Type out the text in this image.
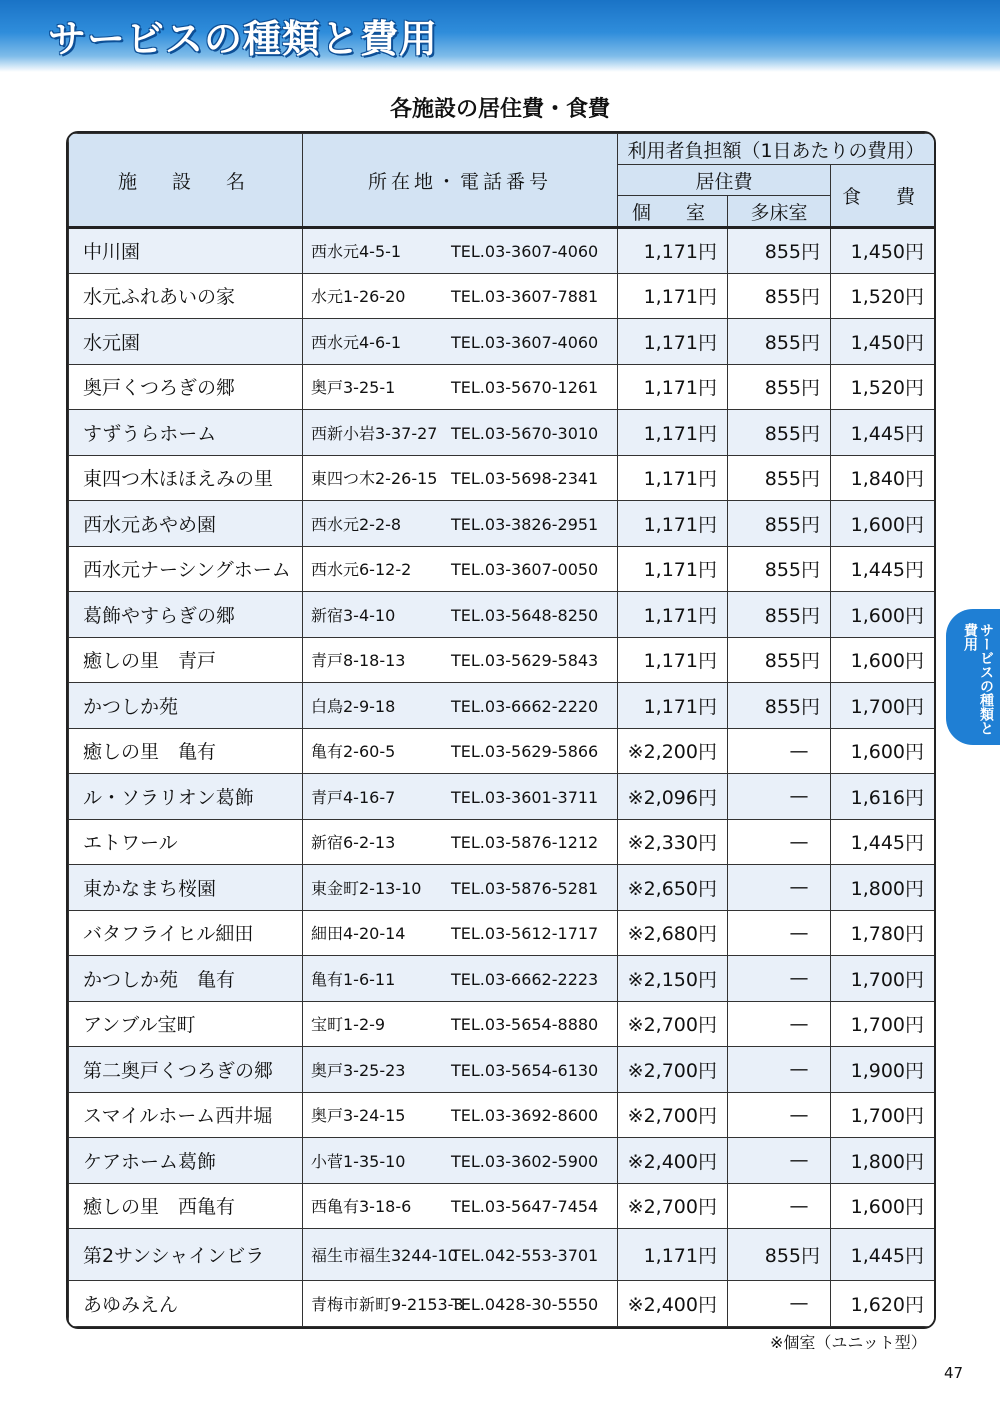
サービスの種類と費用
各施設の居住費・食費
施　設　名	所在地・電話番号	利用者負担額（1日あたりの費用）		
		居住費		食　費
		個　室	多床室	
中川園	西水元4-5-1 TEL.03-3607-4060	1,171円	855円	1,450円
水元ふれあいの家	水元1-26-20 TEL.03-3607-7881	1,171円	855円	1,520円
水元園	西水元4-6-1 TEL.03-3607-4060	1,171円	855円	1,450円
奥戸くつろぎの郷	奥戸3-25-1 TEL.03-5670-1261	1,171円	855円	1,520円
すずうらホーム	西新小岩3-37-27 TEL.03-5670-3010	1,171円	855円	1,445円
東四つ木ほほえみの里	東四つ木2-26-15 TEL.03-5698-2341	1,171円	855円	1,840円
西水元あやめ園	西水元2-2-8 TEL.03-3826-2951	1,171円	855円	1,600円
西水元ナーシングホーム	西水元6-12-2 TEL.03-3607-0050	1,171円	855円	1,445円
葛飾やすらぎの郷	新宿3-4-10 TEL.03-5648-8250	1,171円	855円	1,600円
癒しの里　青戸	青戸8-18-13 TEL.03-5629-5843	1,171円	855円	1,600円
かつしか苑	白鳥2-9-18 TEL.03-6662-2220	1,171円	855円	1,700円
癒しの里　亀有	亀有2-60-5 TEL.03-5629-5866	※2,200円	—	1,600円
ル・ソラリオン葛飾	青戸4-16-7 TEL.03-3601-3711	※2,096円	—	1,616円
エトワール	新宿6-2-13 TEL.03-5876-1212	※2,330円	—	1,445円
東かなまち桜園	東金町2-13-10 TEL.03-5876-5281	※2,650円	—	1,800円
バタフライヒル細田	細田4-20-14 TEL.03-5612-1717	※2,680円	—	1,780円
かつしか苑　亀有	亀有1-6-11 TEL.03-6662-2223	※2,150円	—	1,700円
アンブル宝町	宝町1-2-9 TEL.03-5654-8880	※2,700円	—	1,700円
第二奥戸くつろぎの郷	奥戸3-25-23 TEL.03-5654-6130	※2,700円	—	1,900円
スマイルホーム西井堀	奥戸3-24-15 TEL.03-3692-8600	※2,700円	—	1,700円
ケアホーム葛飾	小菅1-35-10 TEL.03-3602-5900	※2,400円	—	1,800円
癒しの里　西亀有	西亀有3-18-6 TEL.03-5647-7454	※2,700円	—	1,600円
第2サンシャインビラ	福生市福生3244-10TEL.042-553-3701	1,171円	855円	1,445円
あゆみえん	青梅市新町9-2153-3TEL.0428-30-5550	※2,400円	—	1,620円
※個室（ユニット型）
47
サービスの種類と費用
